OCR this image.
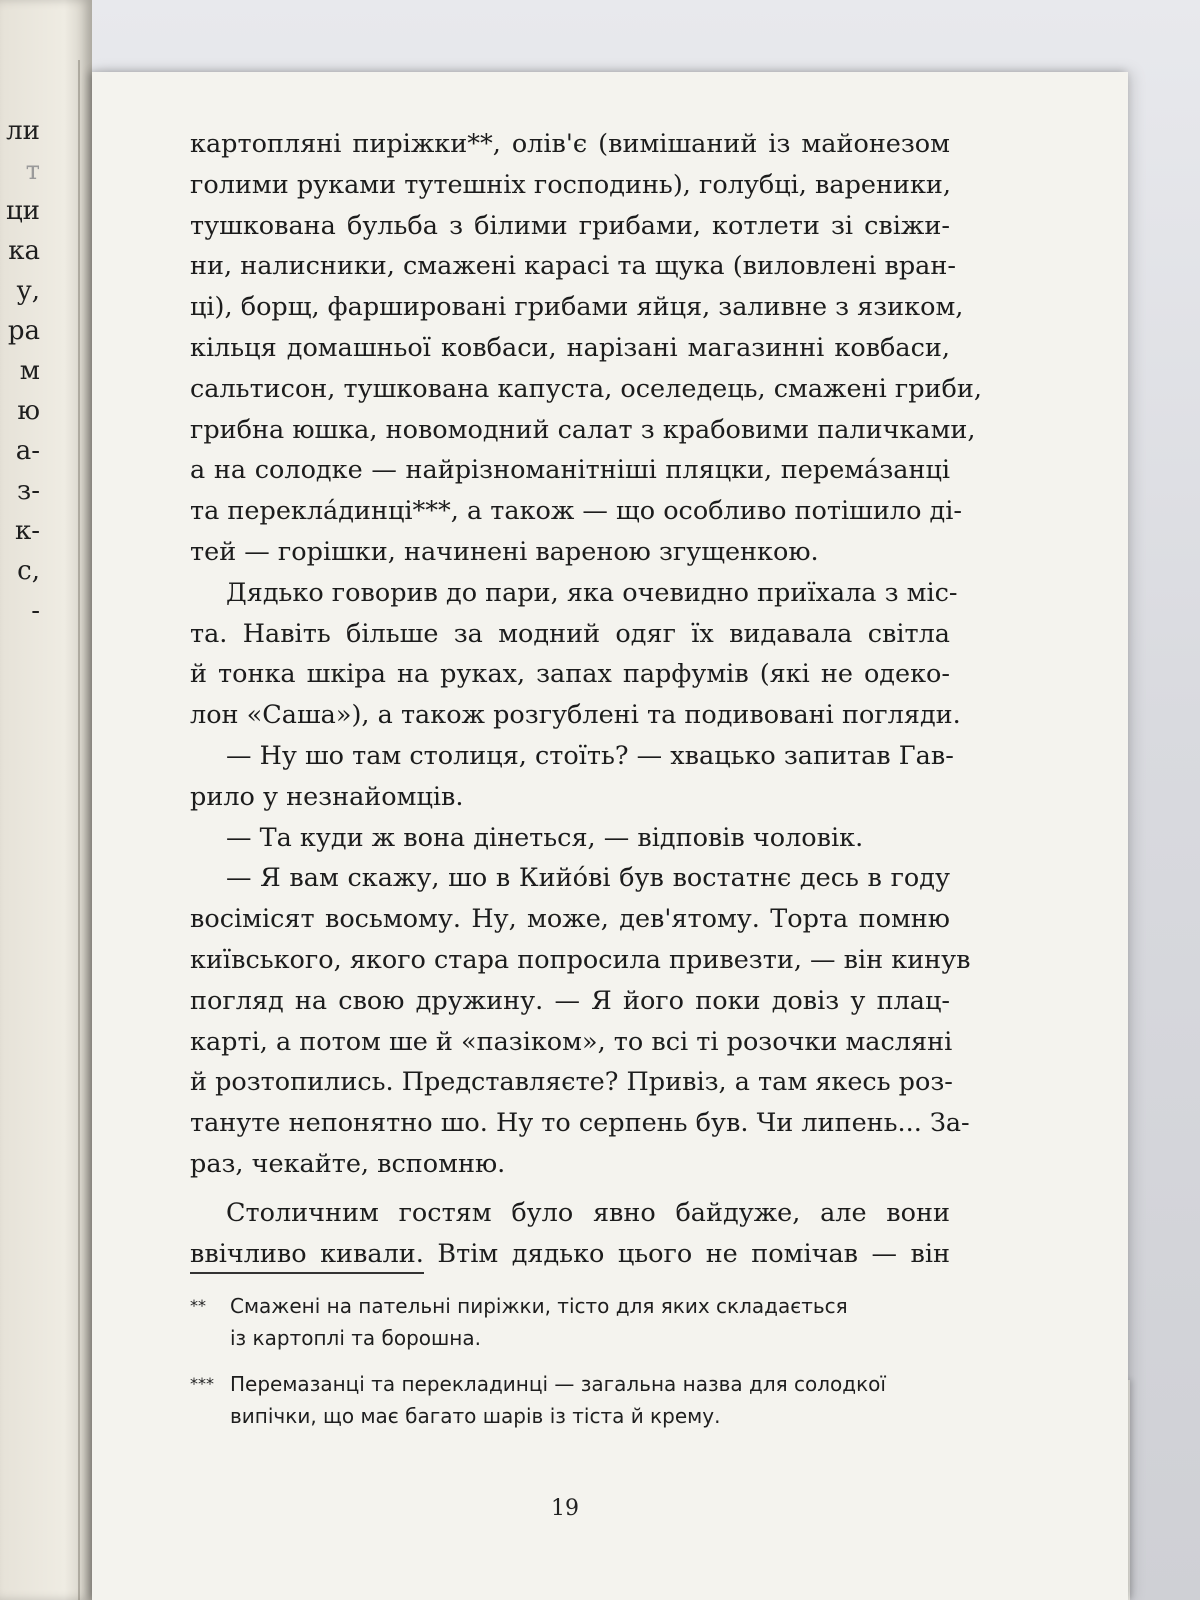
ли
т
ци
ка
у,
ра
м
ю
а-
з-
к-
с,
-
картопляні пиріжки**, олів'є (вимішаний із майонезом
голими руками тутешніх господинь), голубці, вареники,
тушкована бульба з білими грибами, котлети зі свіжи-
ни, налисники, смажені карасі та щука (виловлені вран-
ці), борщ, фаршировані грибами яйця, заливне з язиком,
кільця домашньої ковбаси, нарізані магазинні ковбаси,
сальтисон, тушкована капуста, оселедець, смажені гриби,
грибна юшка, новомодний салат з крабовими паличками,
а на солодке — найрізноманітніші пляцки, перемáзанці
та переклáдинці***, а також — що особливо потішило ді-
тей — горішки, начинені вареною згущенкою.
Дядько говорив до пари, яка очевидно приїхала з міс-
та. Навіть більше за модний одяг їх видавала світла
й тонка шкіра на руках, запах парфумів (які не одеко-
лон «Саша»), а також розгублені та подивовані погляди.
— Ну шо там столиця, стоїть? — хвацько запитав Гав-
рило у незнайомців.
— Та куди ж вона дінеться, — відповів чоловік.
— Я вам скажу, шо в Кийóві був востатнє десь в году
восімісят восьмому. Ну, може, дев'ятому. Торта помню
київського, якого стара попросила привезти, — він кинув
погляд на свою дружину. — Я його поки довіз у плац-
карті, а потом ше й «пазіком», то всі ті розочки масляні
й розтопились. Представляєте? Привіз, а там якесь роз-
тануте непонятно шо. Ну то серпень був. Чи липень... За-
раз, чекайте, вспомню.
Столичним гостям було явно байдуже, але вони
ввічливо кивали. Втім дядько цього не помічав — він
** Смажені на пательні пиріжки, тісто для яких складається
із картоплі та борошна.
*** Перемазанці та перекладинці — загальна назва для солодкої
випічки, що має багато шарів із тіста й крему.
19
